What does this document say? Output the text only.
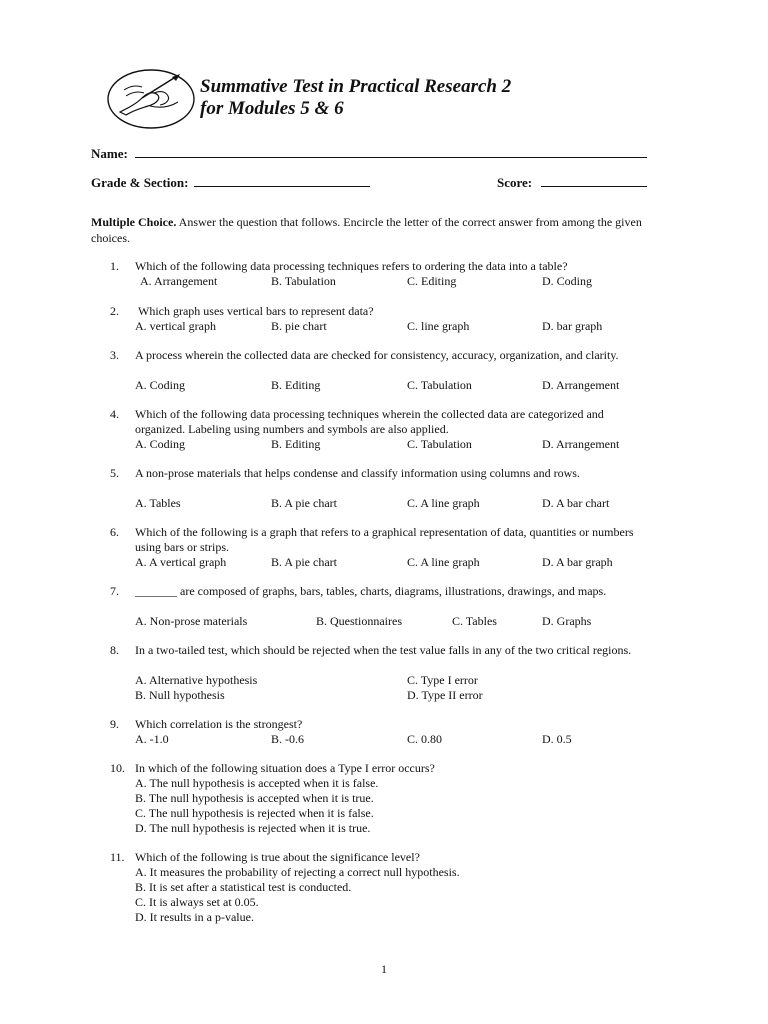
Summative Test in Practical Research 2
for Modules 5 & 6
Name:
Grade & Section:	Score:
Multiple Choice. Answer the question that follows. Encircle the letter of the correct answer from among the given choices.
1. Which of the following data processing techniques refers to ordering the data into a table?
A. Arrangement	B. Tabulation	C. Editing	D. Coding
2. Which graph uses vertical bars to represent data?
A. vertical graph	B. pie chart	C. line graph	D. bar graph
3. A process wherein the collected data are checked for consistency, accuracy, organization, and clarity.
A. Coding	B. Editing	C. Tabulation	D. Arrangement
4. Which of the following data processing techniques wherein the collected data are categorized and organized. Labeling using numbers and symbols are also applied.
A. Coding	B. Editing	C. Tabulation	D. Arrangement
5. A non-prose materials that helps condense and classify information using columns and rows.
A. Tables	B. A pie chart	C. A line graph	D. A bar chart
6. Which of the following is a graph that refers to a graphical representation of data, quantities or numbers using bars or strips.
A. A vertical graph	B. A pie chart	C. A line graph	D. A bar graph
7. _______ are composed of graphs, bars, tables, charts, diagrams, illustrations, drawings, and maps.
A. Non-prose materials	B. Questionnaires	C. Tables	D. Graphs
8. In a two-tailed test, which should be rejected when the test value falls in any of the two critical regions.
A. Alternative hypothesis	C. Type I error
B. Null hypothesis	D. Type II error
9. Which correlation is the strongest?
A. -1.0	B. -0.6	C. 0.80	D. 0.5
10. In which of the following situation does a Type I error occurs?
A. The null hypothesis is accepted when it is false.
B. The null hypothesis is accepted when it is true.
C. The null hypothesis is rejected when it is false.
D. The null hypothesis is rejected when it is true.
11. Which of the following is true about the significance level?
A. It measures the probability of rejecting a correct null hypothesis.
B. It is set after a statistical test is conducted.
C. It is always set at 0.05.
D. It results in a p-value.
1
